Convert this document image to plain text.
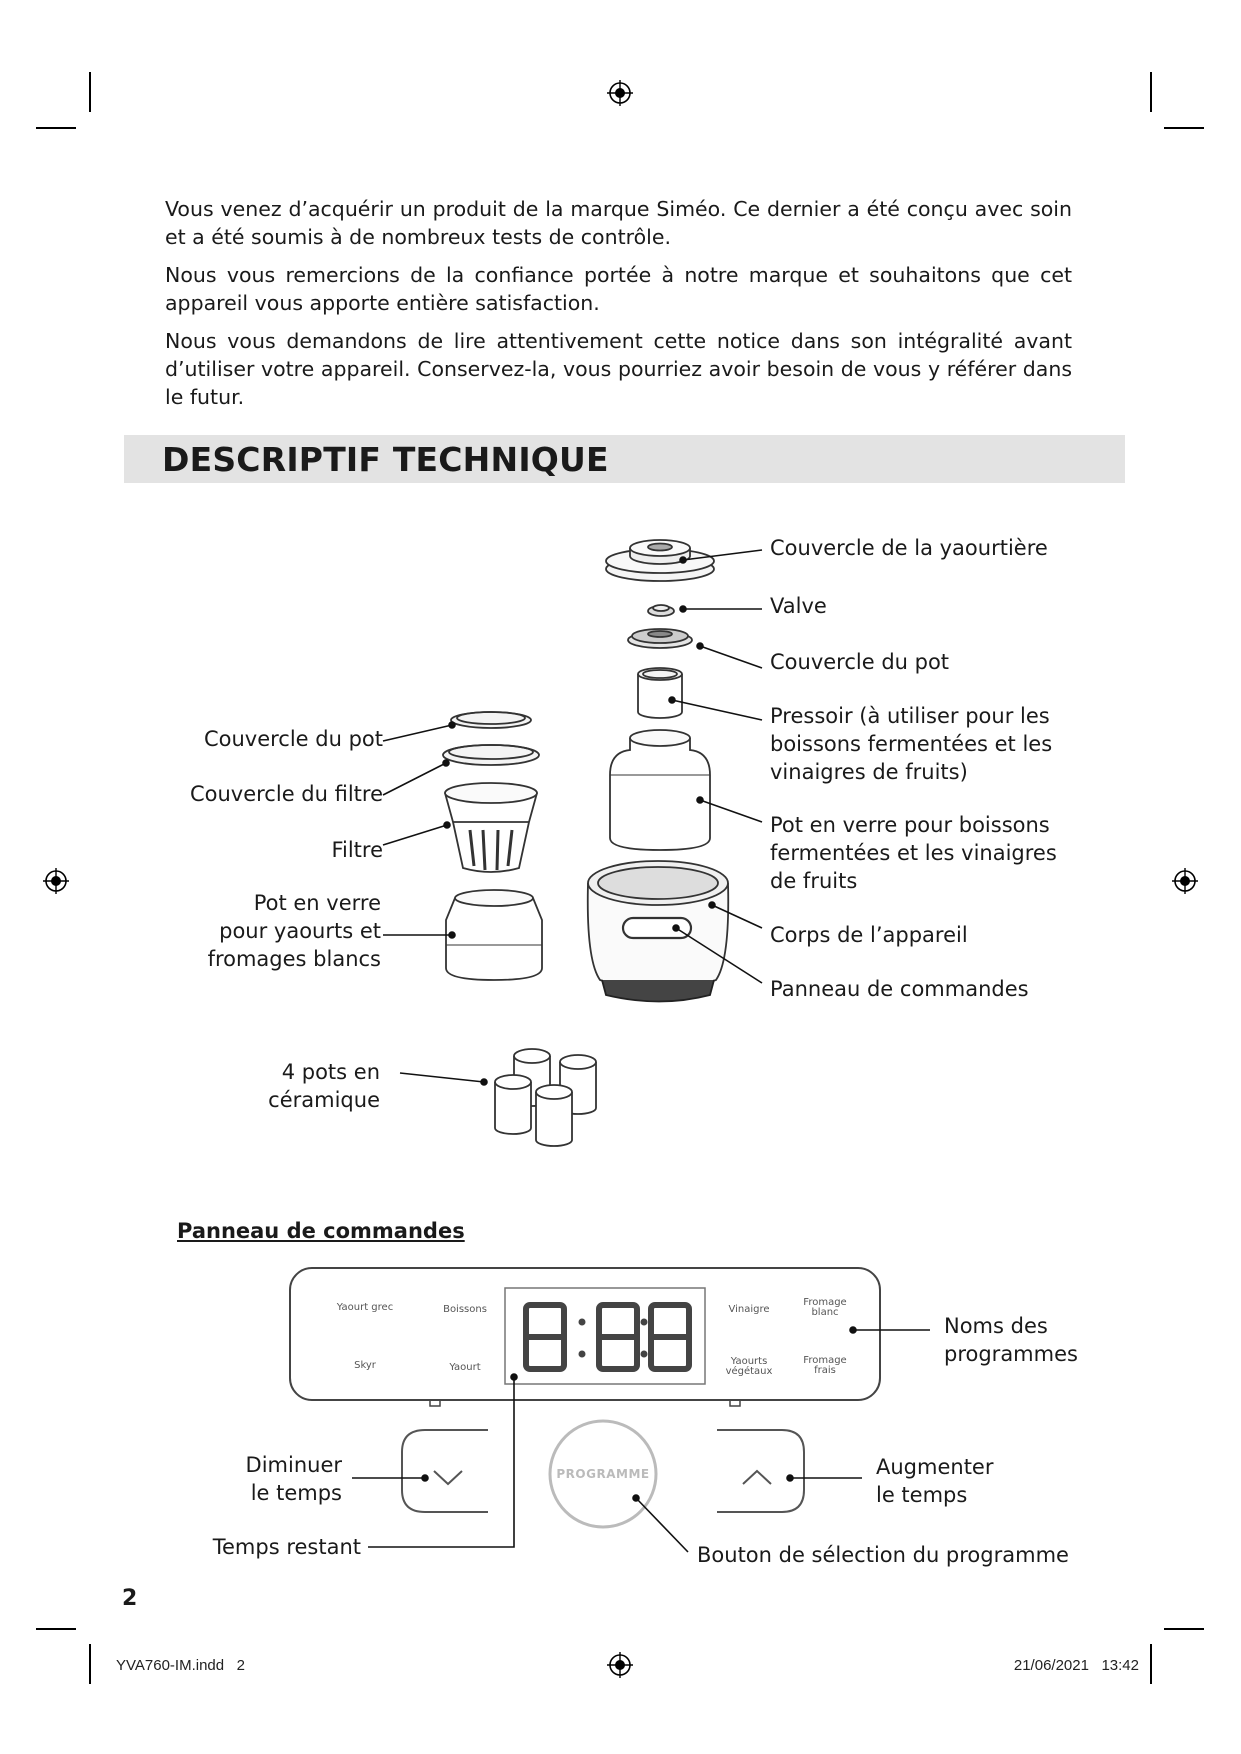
Vous venez d’acquérir un produit de la marque Siméo. Ce dernier a été conçu avec soin et a été soumis à de nombreux tests de contrôle.

Nous vous remercions de la confiance portée à notre marque et souhaitons que cet appareil vous apporte entière satisfaction.

Nous vous demandons de lire attentivement cette notice dans son intégralité avant d’utiliser votre appareil. Conservez-la, vous pourriez avoir besoin de vous y référer dans le futur.

DESCRIPTIF TECHNIQUE
Couvercle de la yaourtière
Valve
Couvercle du pot
Pressoir (à utiliser pour les
boissons fermentées et les
vinaigres de fruits)
Pot en verre pour boissons
fermentées et les vinaigres
de fruits
Corps de l’appareil
Panneau de commandes
Couvercle du pot
Couvercle du filtre
Filtre
Pot en verre
pour yaourts et
fromages blancs
4 pots en
céramique
Panneau de commandes
Yaourt grec	Boissons
Skyr	Yaourt
Vinaigre
Fromage
blanc
Yaourts
végétaux
Fromage
frais
PROGRAMME
Noms des
programmes
Diminuer
le temps
Augmenter
le temps
Temps restant	Bouton de sélection du programme
2
YVA760-IM.indd   2	21/06/2021   13:42
